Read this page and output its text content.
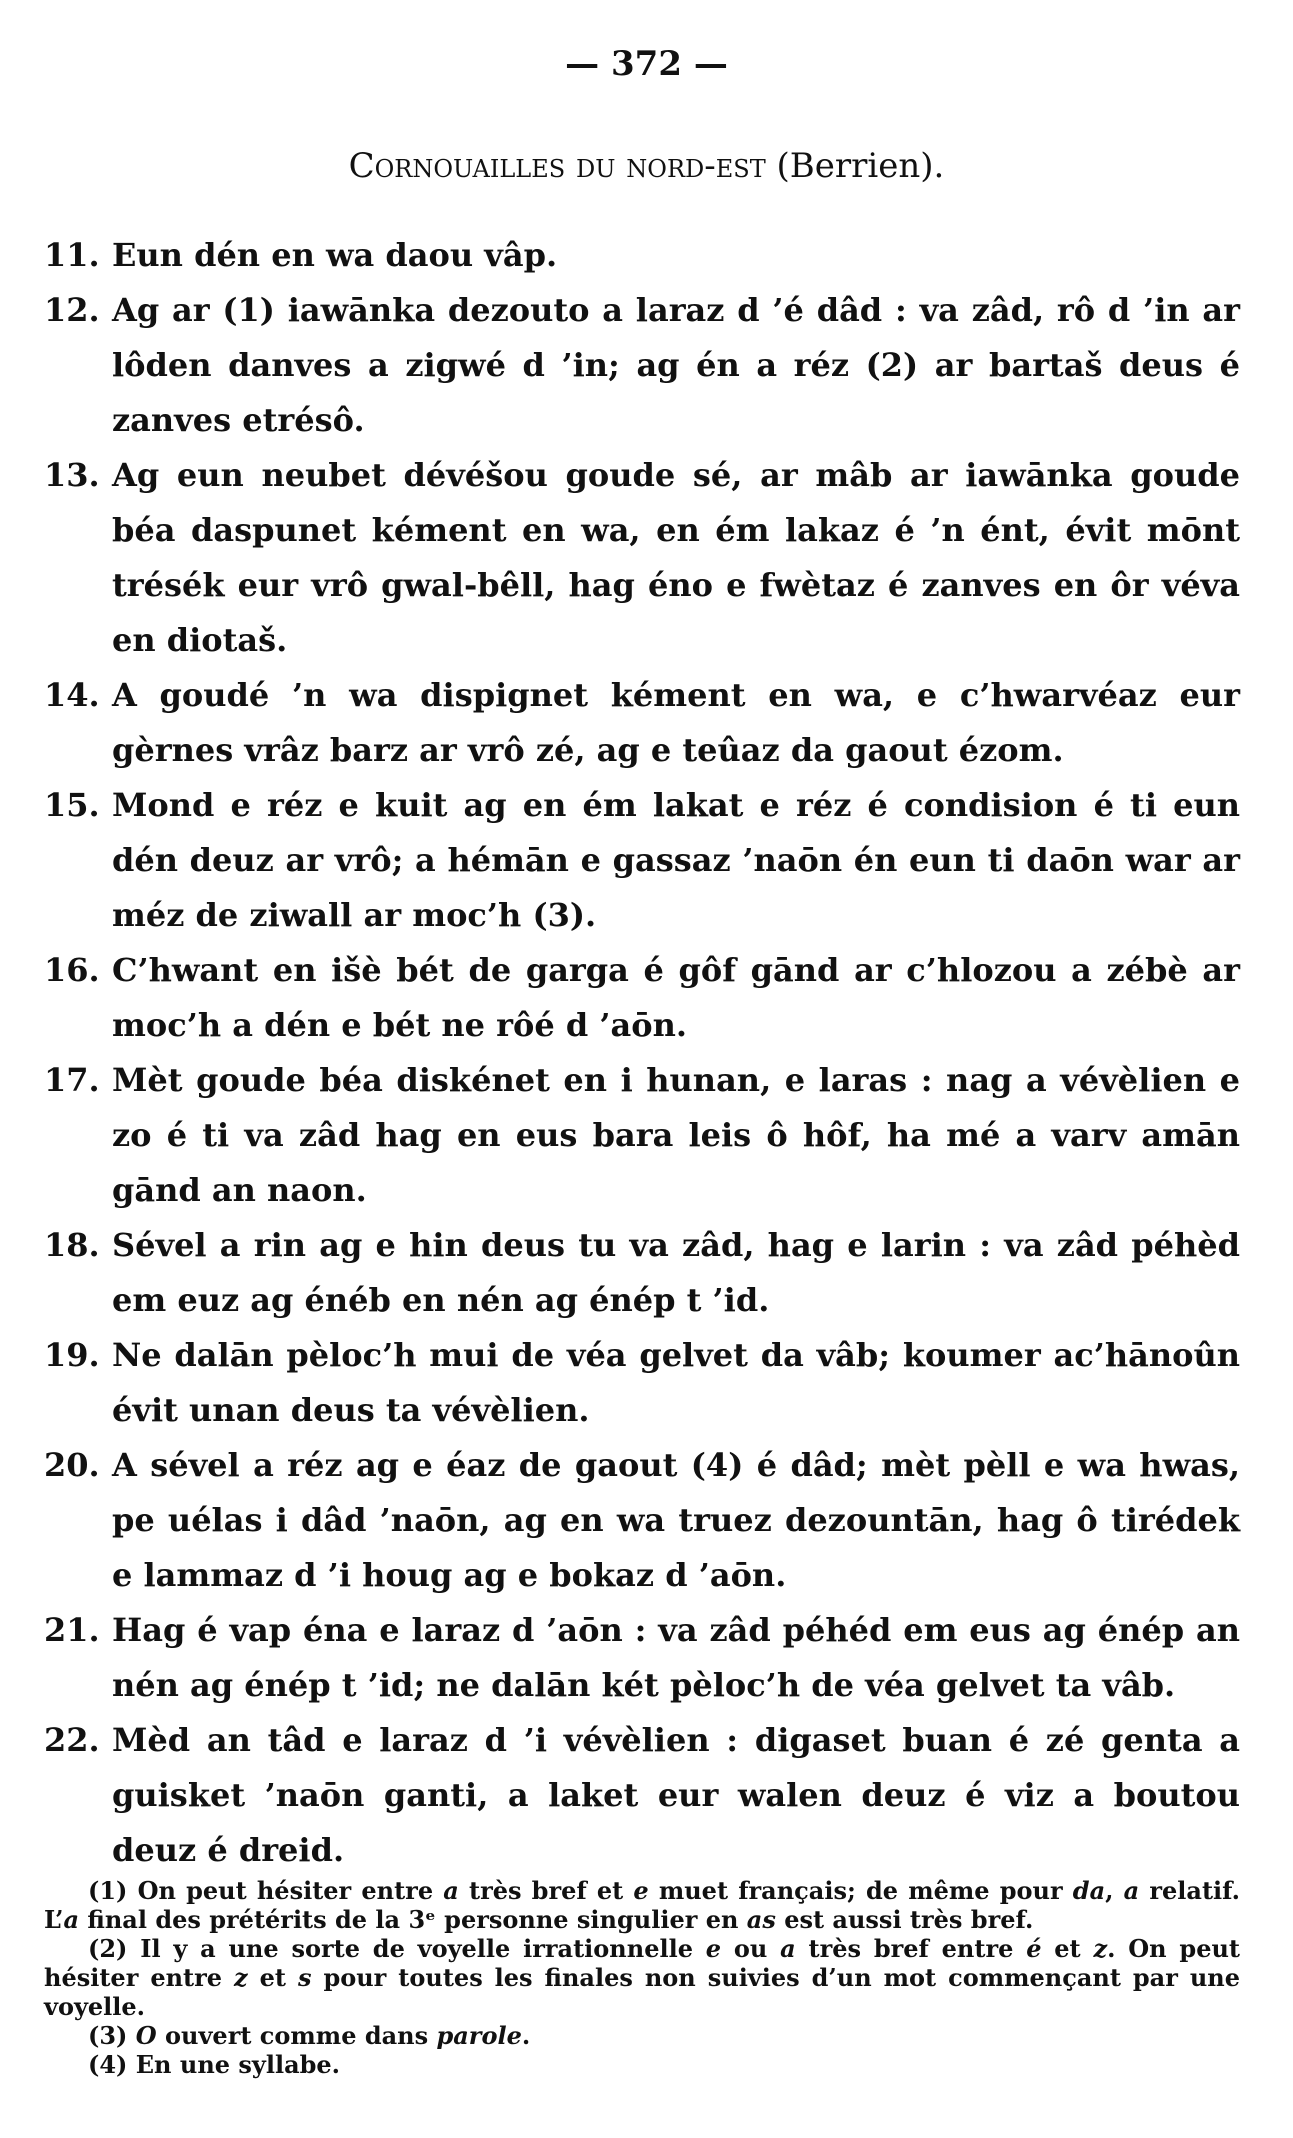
— 372 —
Cornouailles du nord-est (Berrien).
11. Eun dén en wa daou vâp.
12. Ag ar (1) iawānka dezouto a laraz d ’é dâd : va zâd, rô d ’in ar lôden danves a zigwé d ’in; ag én a réz (2) ar bartaš deus é zanves etrésô.
13. Ag eun neubet dévéšou goude sé, ar mâb ar iawānka goude béa daspunet kément en wa, en ém lakaz é ’n ént, évit mōnt trésék eur vrô gwal-bêll, hag éno e fwètaz é zanves en ôr véva en diotaš.
14. A goudé ’n wa dispignet kément en wa, e c’hwarvéaz eur gèrnes vrâz barz ar vrô zé, ag e teûaz da gaout ézom.
15. Mond e réz e kuit ag en ém lakat e réz é condision é ti eun dén deuz ar vrô; a hémān e gassaz ’naōn én eun ti daōn war ar méz de ziwall ar moc’h (3).
16. C’hwant en išè bét de garga é gôf gānd ar c’hlozou a zébè ar moc’h a dén e bét ne rôé d ’aōn.
17. Mèt goude béa diskénet en i hunan, e laras : nag a vévèlien e zo é ti va zâd hag en eus bara leis ô hôf, ha mé a varv amān gānd an naon.
18. Sével a rin ag e hin deus tu va zâd, hag e larin : va zâd péhèd em euz ag énéb en nén ag énép t ’id.
19. Ne dalān pèloc’h mui de véa gelvet da vâb; koumer ac’hānoûn évit unan deus ta vévèlien.
20. A sével a réz ag e éaz de gaout (4) é dâd; mèt pèll e wa hwas, pe uélas i dâd ’naōn, ag en wa truez dezountān, hag ô tirédek e lammaz d ’i houg ag e bokaz d ’aōn.
21. Hag é vap éna e laraz d ’aōn : va zâd péhéd em eus ag énép an nén ag énép t ’id; ne dalān két pèloc’h de véa gelvet ta vâb.
22. Mèd an tâd e laraz d ’i vévèlien : digaset buan é zé genta a guisket ’naōn ganti, a laket eur walen deuz é viz a boutou deuz é dreid.
(1) On peut hésiter entre a très bref et e muet français; de même pour da, a relatif. L’a final des prétérits de la 3ᵉ personne singulier en as est aussi très bref.
(2) Il y a une sorte de voyelle irrationnelle e ou a très bref entre é et z. On peut hésiter entre z et s pour toutes les finales non suivies d’un mot commençant par une voyelle.
(3) O ouvert comme dans parole.
(4) En une syllabe.
